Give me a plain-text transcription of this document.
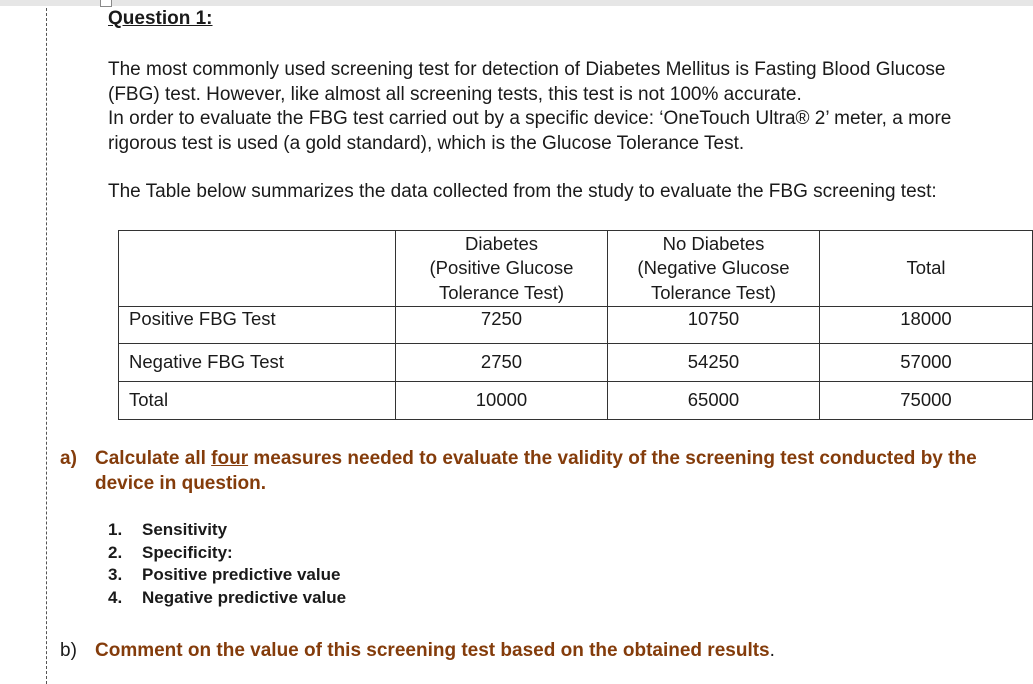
Question 1:
The most commonly used screening test for detection of Diabetes Mellitus is Fasting Blood Glucose
(FBG) test. However, like almost all screening tests, this test is not 100% accurate.
In order to evaluate the FBG test carried out by a specific device: ‘OneTouch Ultra® 2’ meter, a more
rigorous test is used (a gold standard), which is the Glucose Tolerance Test.
The Table below summarizes the data collected from the study to evaluate the FBG screening test:

	Diabetes
(Positive Glucose
Tolerance Test)	No Diabetes
(Negative Glucose
Tolerance Test)	Total
Positive FBG Test	7250	10750	18000
Negative FBG Test	2750	54250	57000
Total	10000	65000	75000
a) Calculate all four measures needed to evaluate the validity of the screening test conducted by the
device in question.
1. Sensitivity
2. Specificity:
3. Positive predictive value
4. Negative predictive value
b) Comment on the value of this screening test based on the obtained results.
